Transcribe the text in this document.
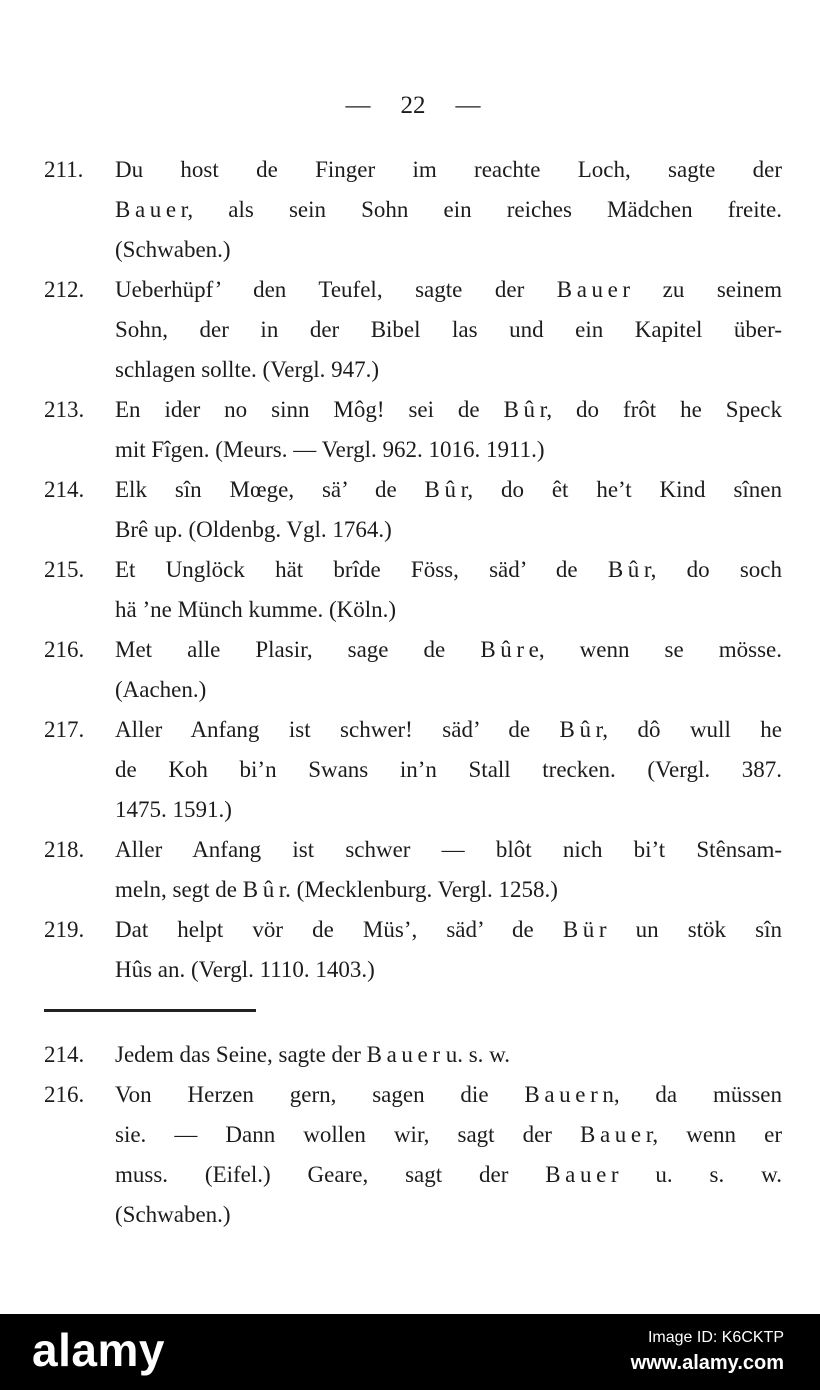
— 22 —
211.	Du host de Finger im reachte Loch, sagte der
B a u e r, als sein Sohn ein reiches Mädchen freite.
(Schwaben.)
212.	Ueberhüpf’ den Teufel, sagte der B a u e r zu seinem
Sohn, der in der Bibel las und ein Kapitel über-
schlagen sollte. (Vergl. 947.)
213.	En ider no sinn Môg! sei de B û r, do frôt he Speck
mit Fîgen. (Meurs. — Vergl. 962. 1016. 1911.)
214.	Elk sîn Mœge, sä’ de B û r, do êt he’t Kind sînen
Brê up. (Oldenbg. Vgl. 1764.)
215.	Et Unglöck hät brîde Föss, säd’ de B û r, do soch
hä ’ne Münch kumme. (Köln.)
216.	Met alle Plasir, sage de B û r e, wenn se mösse.
(Aachen.)
217.	Aller Anfang ist schwer! säd’ de B û r, dô wull he
de Koh bi’n Swans in’n Stall trecken. (Vergl. 387.
1475. 1591.)
218.	Aller Anfang ist schwer — blôt nich bi’t Stênsam-
meln, segt de B û r. (Mecklenburg. Vergl. 1258.)
219.	Dat helpt vör de Müs’, säd’ de B ü r un stök sîn
Hûs an. (Vergl. 1110. 1403.)
214.	Jedem das Seine, sagte der B a u e r u. s. w.
216.	Von Herzen gern, sagen die B a u e r n, da müssen
sie. — Dann wollen wir, sagt der B a u e r, wenn er
muss. (Eifel.) Geare, sagt der B a u e r u. s. w.
(Schwaben.)
alamy	Image ID: K6CKTP
www.alamy.com
